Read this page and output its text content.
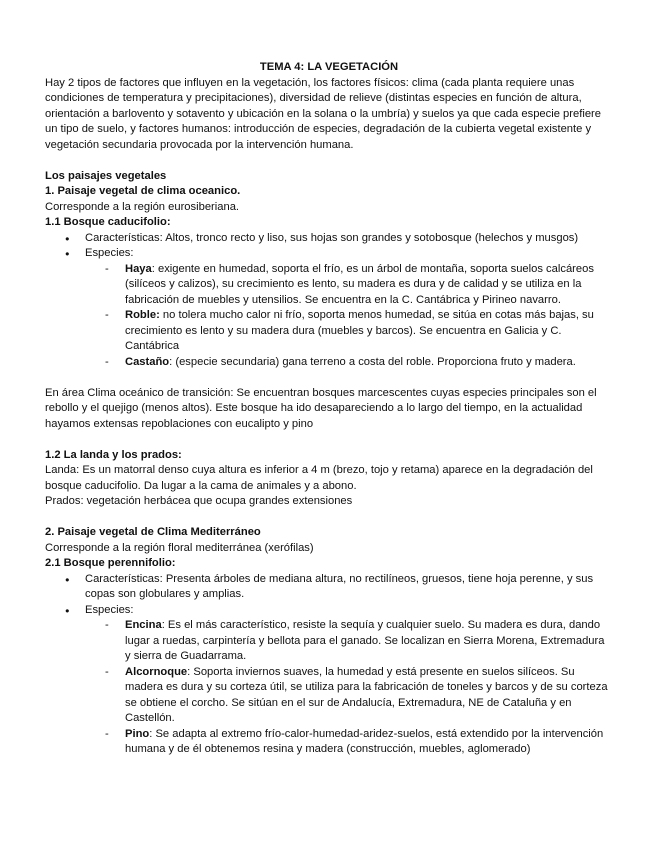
TEMA 4: LA VEGETACIÓN

Hay 2 tipos de factores que influyen en la vegetación, los factores físicos: clima (cada planta requiere unas condiciones de temperatura y precipitaciones), diversidad de relieve (distintas especies en función de altura, orientación a barlovento y sotavento y ubicación en la solana o la umbría) y suelos ya que cada especie prefiere un tipo de suelo, y factores humanos: introducción de especies, degradación de la cubierta vegetal existente y vegetación secundaria provocada por la intervención humana.

Los paisajes vegetales

1. Paisaje vegetal de clima oceanico.

Corresponde a la región eurosiberiana.

1.1 Bosque caducifolio:

● Características: Altos, tronco recto y liso, sus hojas son grandes y sotobosque (helechos y musgos)
● Especies:
- Haya: exigente en humedad, soporta el frío, es un árbol de montaña, soporta suelos calcáreos (silíceos y calizos), su crecimiento es lento, su madera es dura y de calidad y se utiliza en la fabricación de muebles y utensilios. Se encuentra en la C. Cantábrica y Pirineo navarro.
- Roble: no tolera mucho calor ni frío, soporta menos humedad, se sitúa en cotas más bajas, su crecimiento es lento y su madera dura (muebles y barcos). Se encuentra en Galicia y C. Cantábrica
- Castaño: (especie secundaria) gana terreno a costa del roble. Proporciona fruto y madera.

En área Clima oceánico de transición: Se encuentran bosques marcescentes cuyas especies principales son el rebollo y el quejigo (menos altos). Este bosque ha ido desapareciendo a lo largo del tiempo, en la actualidad hayamos extensas repoblaciones con eucalipto y pino

1.2 La landa y los prados:

Landa: Es un matorral denso cuya altura es inferior a 4 m (brezo, tojo y retama) aparece en la degradación del bosque caducifolio. Da lugar a la cama de animales y a abono.

Prados: vegetación herbácea que ocupa grandes extensiones

2. Paisaje vegetal de Clima Mediterráneo

Corresponde a la región floral mediterránea (xerófilas)

2.1 Bosque perennifolio:

● Características: Presenta árboles de mediana altura, no rectilíneos, gruesos, tiene hoja perenne, y sus copas son globulares y amplias.
● Especies:
- Encina: Es el más característico, resiste la sequía y cualquier suelo. Su madera es dura, dando lugar a ruedas, carpintería y bellota para el ganado. Se localizan en Sierra Morena, Extremadura y sierra de Guadarrama.
- Alcornoque: Soporta inviernos suaves, la humedad y está presente en suelos silíceos. Su madera es dura y su corteza útil, se utiliza para la fabricación de toneles y barcos y de su corteza se obtiene el corcho. Se sitúan en el sur de Andalucía, Extremadura, NE de Cataluña y en Castellón.
- Pino: Se adapta al extremo frío-calor-humedad-aridez-suelos, está extendido por la intervención humana y de él obtenemos resina y madera (construcción, muebles, aglomerado)
